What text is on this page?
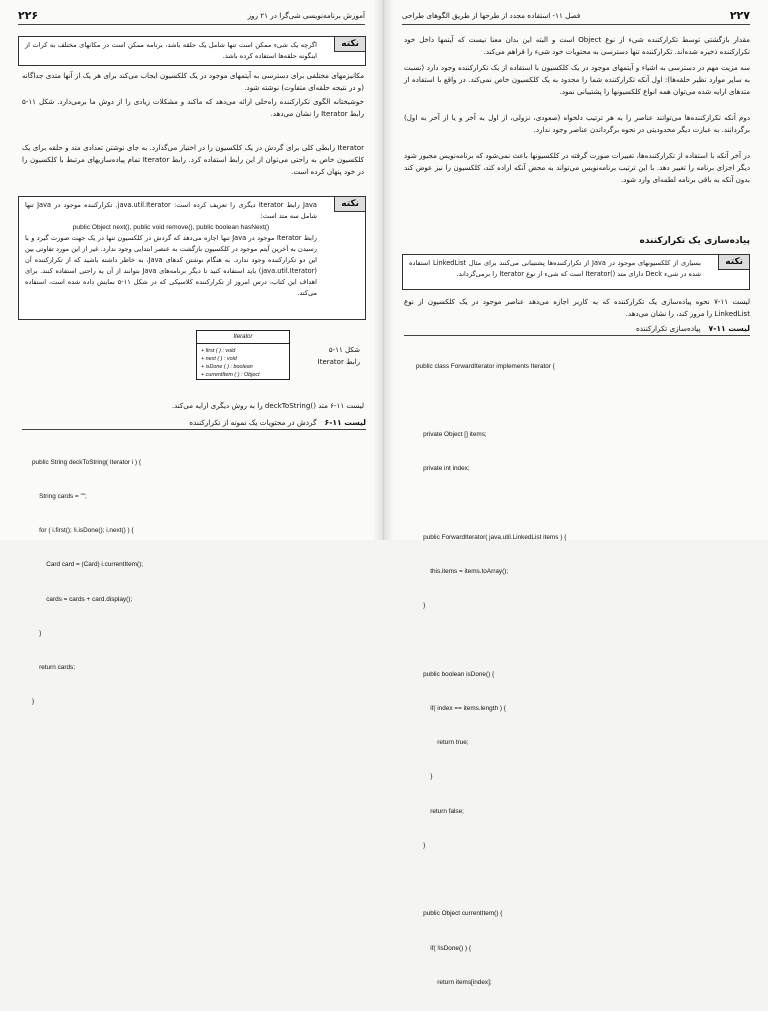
آموزش برنامه‌نویسی شی‌گرا در ۲۱ روز
۲۲۶
نکته
اگرچه یک شیء ممکن است تنها شامل یک حلقه باشد، برنامه ممکن است در مکانهای مختلف به کرات از اینگونه حلقه‌ها استفاده کرده باشد.
مکانیزمهای مختلفی برای دسترسی به آیتمهای موجود در یک کلکسیون ایجاب می‌کند برای هر یک از آنها متدی جداگانه (و در نتیجه حلقه‌ای متفاوت) نوشته شود.
خوشبختانه الگوی تکرارکننده راه‌حلی ارائه می‌دهد که ماکند و مشکلات زیادی را از دوش ما برمی‌دارد. شکل ۱۱-۵ رابط Iterator را نشان می‌دهد.
Iterator رابطی کلی برای گردش در یک کلکسیون را در اختیار می‌گذارد. به جای نوشتن تعدادی متد و حلقه برای یک کلکسیون خاص به راحتی می‌توان از این رابط استفاده کرد. رابط Iterator تمام پیاده‌سازیهای مرتبط با کلکسیون را در خود پنهان کرده است.
نکته
Java رابط Iterator دیگری را تعریف کرده است: java.util.Iterator. تکرارکننده موجود در Java تنها شامل سه متد است:
public Object next(), public void remove(), public boolean hasNext()
رابط Iterator موجود در Java تنها اجازه می‌دهد که گردش در کلکسیون تنها در یک جهت صورت گیرد و با رسیدن به آخرین آیتم موجود در کلکسیون بازگشت به عنصر ابتدایی وجود ندارد. غیر از این مورد تفاوتی بین این دو تکرارکننده وجود ندارد. به هنگام نوشتن کدهای Java، به خاطر داشته باشید که از تکرارکننده آن (java.util.Iterator) باید استفاده کنید تا دیگر برنامه‌های Java بتوانند از آن به راحتی استفاده کنند. برای اهداف این کتاب، درس امروز از تکرارکننده کلاسیکی که در شکل ۱۱-۵ نمایش داده شده است، استفاده می‌کند.
شکل ۱۱-۵
رابط Iterator
Iterator
+ first ( ) : void
+ next ( ) : void
+ isDone ( ) : boolean
+ currentItem ( ) : Object
لیست ۱۱-۶ متد ()deckToString را به روش دیگری ارایه می‌کند.
لیست ۱۱-۶
گردش در محتویات یک نمونه از تکرارکننده

public String deckToString( Iterator i ) {

String cards = "";

for ( i.first(); !i.isDone(); i.next() ) {

Card card = (Card) i.currentItem();

cards = cards + card.display();

}

return cards;

}

۲۲۷
فصل ۱۱- استفاده مجدد از طرحها از طریق الگوهای طراحی
مقدار بازگشتی توسط تکرارکننده شیء از نوع Object است و البته این بدان معنا نیست که آیتمها داخل خود تکرارکننده ذخیره شده‌اند. تکرارکننده تنها دسترسی به محتویات خود شیء را فراهم می‌کند.
سه مزیت مهم در دسترسی به اشیاء و آیتمهای موجود در یک کلکسیون با استفاده از یک تکرارکننده وجود دارد (نسبت به سایر موارد نظیر حلقه‌ها): اول آنکه تکرارکننده شما را محدود به یک کلکسیون خاص نمی‌کند. در واقع با استفاده از متدهای ارایه شده می‌توان همه انواع کلکسیونها را پشتیبانی نمود.
دوم آنکه تکرارکننده‌ها می‌توانند عناصر را به هر ترتیب دلخواه (صعودی، نزولی، از اول به آخر و یا از آخر به اول) برگردانند. به عبارت دیگر محدودیتی در نحوه برگرداندن عناصر وجود ندارد.
در آخر آنکه با استفاده از تکرارکننده‌ها، تغییرات صورت گرفته در کلکسیونها باعث نمی‌شود که برنامه‌نویس مجبور شود دیگر اجزای برنامه را تغییر دهد. با این ترتیب برنامه‌نویس می‌تواند به محض آنکه اراده کند، کلکسیون را نیز عوض کند بدون آنکه به باقی برنامه لطمه‌ای وارد شود.
پیاده‌سازی یک تکرارکننده
نکته
بسیاری از کلکسیونهای موجود در Java از تکرارکننده‌ها پشتیبانی می‌کنند برای مثال LinkedList استفاده شده در شیء Deck دارای متد ()Iterator است که شیء از نوع Iterator را برمی‌گرداند.
لیست ۱۱-۷ نحوه پیاده‌سازی یک تکرارکننده که به کاربر اجازه می‌دهد عناصر موجود در یک کلکسیون از نوع LinkedList را مرور کند، را نشان می‌دهد.
لیست ۱۱-۷
پیاده‌سازی تکرارکننده

public class ForwardIterator implements Iterator {

private Object [] items;

private int index;

public ForwardIterator( java.util.LinkedList items ) {

this.items = items.toArray();

}

public boolean isDone() {

if( index == items.length ) {

return true;

}

return false;

}

public Object currentItem() {

if( !isDone() ) {

return items[index];
